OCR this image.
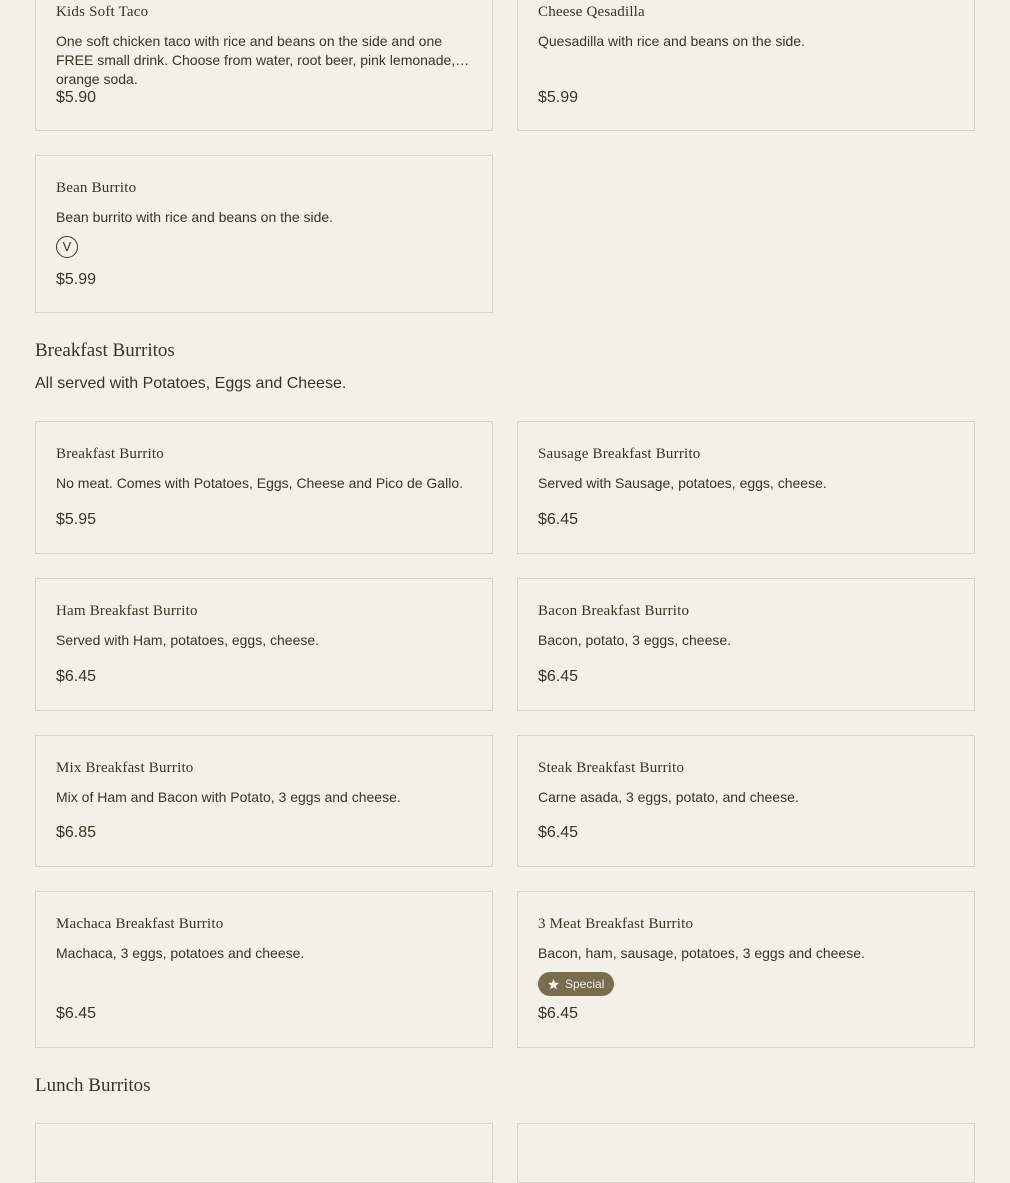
Kids Soft Taco
One soft chicken taco with rice and beans on the side and one FREE small drink. Choose from water, root beer, pink lemonade, or orange soda.
$5.90
Cheese Qesadilla
Quesadilla with rice and beans on the side.
$5.99
Bean Burrito
Bean burrito with rice and beans on the side.
V
$5.99
Breakfast Burritos
All served with Potatoes, Eggs and Cheese.
Breakfast Burrito
No meat. Comes with Potatoes, Eggs, Cheese and Pico de Gallo.
$5.95
Sausage Breakfast Burrito
Served with Sausage, potatoes, eggs, cheese.
$6.45
Ham Breakfast Burrito
Served with Ham, potatoes, eggs, cheese.
$6.45
Bacon Breakfast Burrito
Bacon, potato, 3 eggs, cheese.
$6.45
Mix Breakfast Burrito
Mix of Ham and Bacon with Potato, 3 eggs and cheese.
$6.85
Steak Breakfast Burrito
Carne asada, 3 eggs, potato, and cheese.
$6.45
Machaca Breakfast Burrito
Machaca, 3 eggs, potatoes and cheese.
$6.45
3 Meat Breakfast Burrito
Bacon, ham, sausage, potatoes, 3 eggs and cheese.
Special
$6.45
Lunch Burritos
